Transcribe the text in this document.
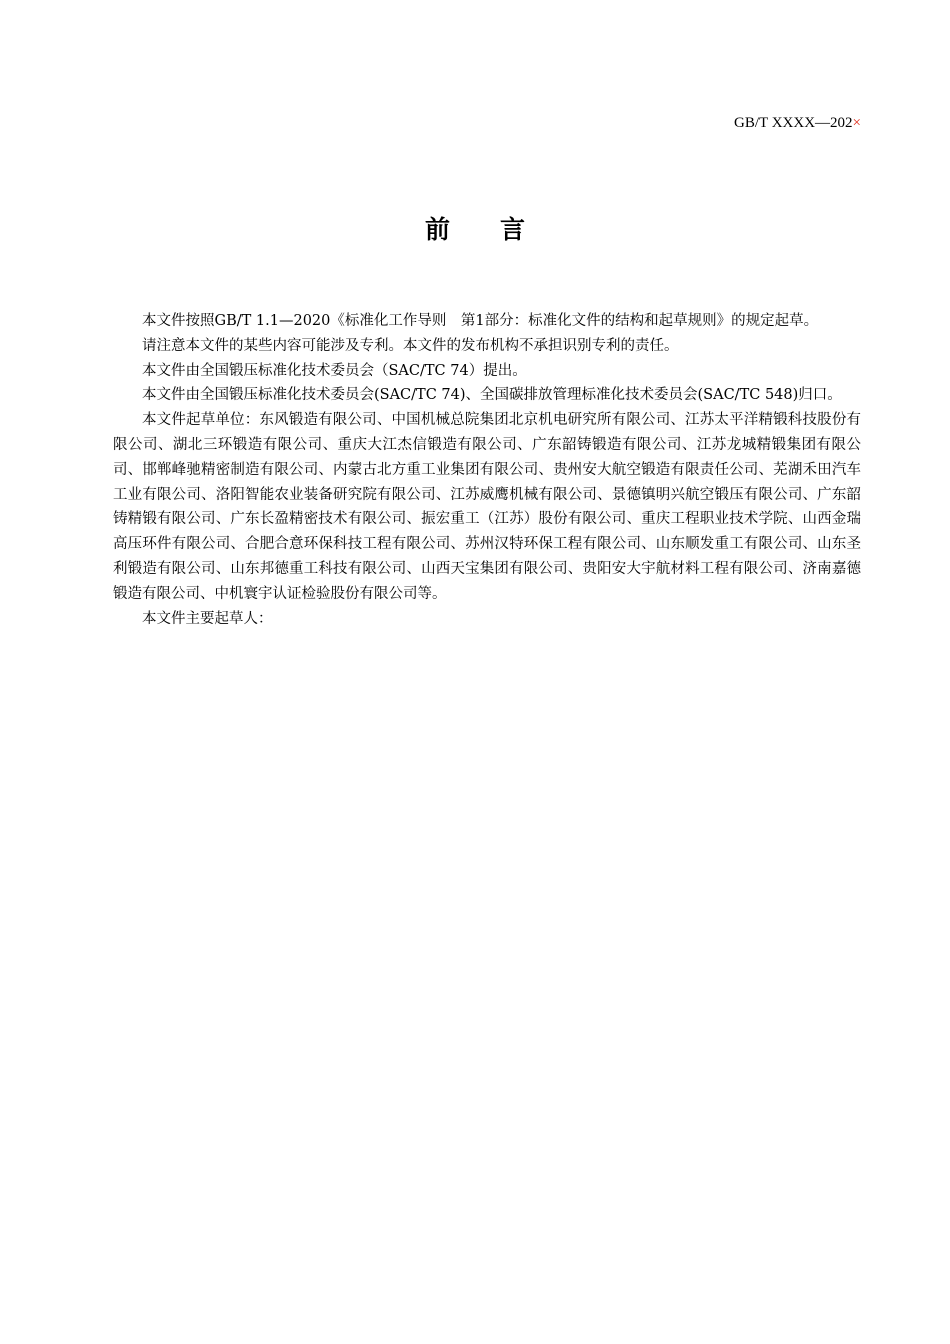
GB/T XXXX—202×
前言

本文件按照GB/T 1.1—2020《标准化工作导则　第1部分：标准化文件的结构和起草规则》的规定起草。

请注意本文件的某些内容可能涉及专利。本文件的发布机构不承担识别专利的责任。

本文件由全国锻压标准化技术委员会（SAC/TC 74）提出。

本文件由全国锻压标准化技术委员会(SAC/TC 74)、全国碳排放管理标准化技术委员会(SAC/TC 548)归口。

本文件起草单位：东风锻造有限公司、中国机械总院集团北京机电研究所有限公司、江苏太平洋精锻科技股份有限公司、湖北三环锻造有限公司、重庆大江杰信锻造有限公司、广东韶铸锻造有限公司、江苏龙城精锻集团有限公司、邯郸峰驰精密制造有限公司、内蒙古北方重工业集团有限公司、贵州安大航空锻造有限责任公司、芜湖禾田汽车工业有限公司、洛阳智能农业装备研究院有限公司、江苏威鹰机械有限公司、景德镇明兴航空锻压有限公司、广东韶铸精锻有限公司、广东长盈精密技术有限公司、振宏重工（江苏）股份有限公司、重庆工程职业技术学院、山西金瑞高压环件有限公司、合肥合意环保科技工程有限公司、苏州汉特环保工程有限公司、山东顺发重工有限公司、山东圣利锻造有限公司、山东邦德重工科技有限公司、山西天宝集团有限公司、贵阳安大宇航材料工程有限公司、济南嘉德锻造有限公司、中机寰宇认证检验股份有限公司等。

本文件主要起草人：
